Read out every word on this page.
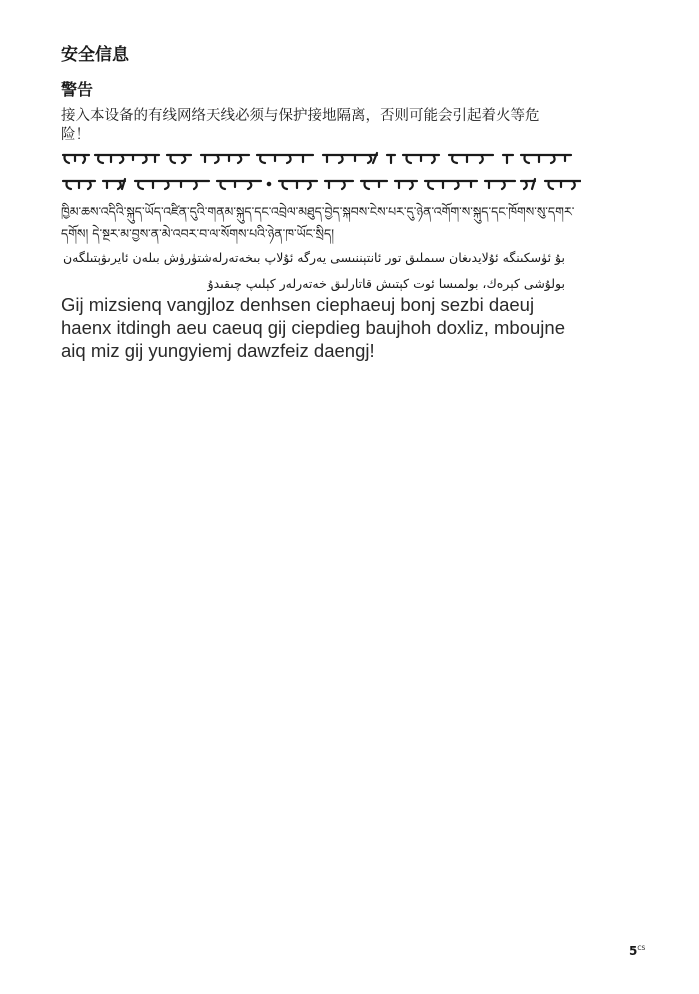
安全信息
警告

接入本设备的有线网络天线必须与保护接地隔离，否则可能会引起着火等危险！

ཁྱིམ་ཆས་འདིའི་སྐུད་ཡོད་འཛིན་དུའི་གནམ་སྐུད་དང་འབྲེལ་མཐུད་བྱེད་སྐབས་ངེས་པར་དུ་ཉེན་འགོག་ས་སྐུད་དང་ཁོགས་སུ་དགར་དགོས། དེ་སྔར་མ་བྱས་ན་མེ་འབར་བ་ལ་སོགས་པའི་ཉེན་ཁ་ཡོང་སྲིད།

بۇ ئۈسكىنگە ئۇلايدىغان سىملىق تور ئانتېننىسى يەرگە ئۇلاپ بىخەتەرلەشتۈرۈش بىلەن ئايرىۋېتىلگەن بولۇشى كېرەك، بولمىسا ئوت كېتىش قاتارلىق خەتەرلەر كېلىپ چىقىدۇ

Gij mizsienq vangjloz denhsen ciephaeuj bonj sezbi daeuj haenx itdingh aeu caeuq gij ciepdieg baujhoh doxliz, mboujne aiq miz gij yungyiemj dawzfeiz daengj!

$5^{CS}$
